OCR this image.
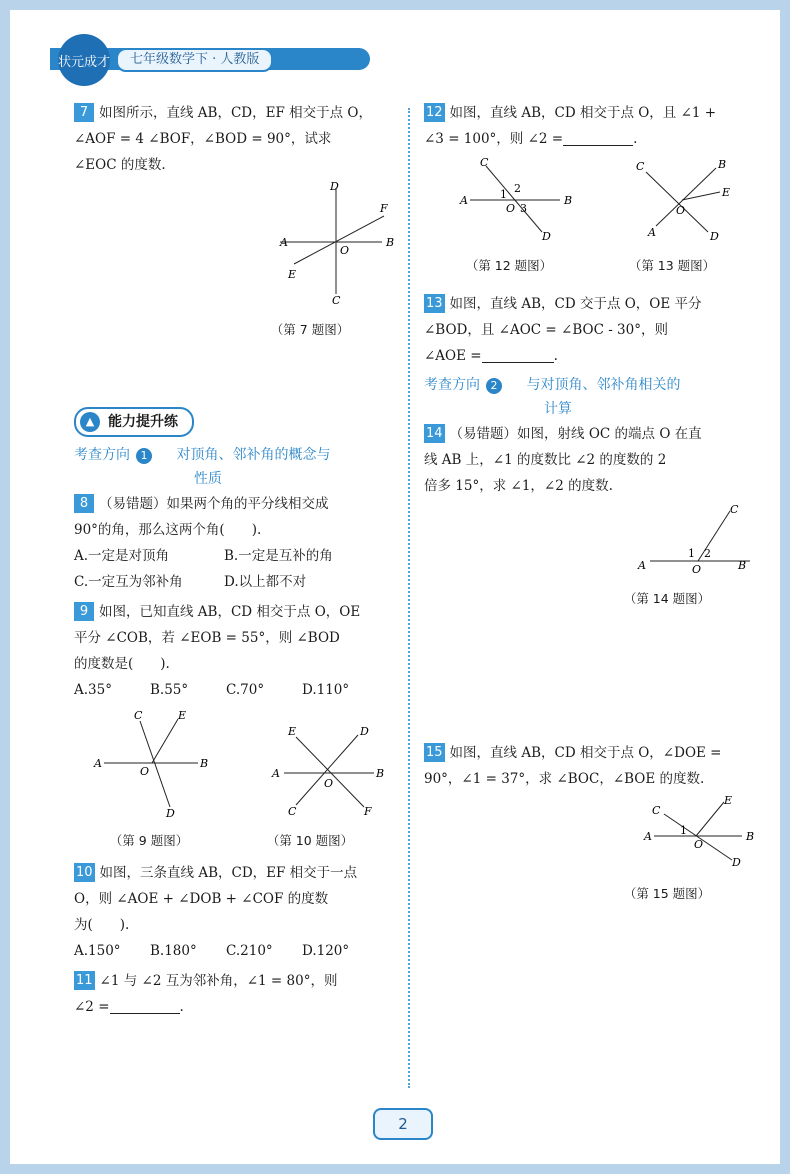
状元成才	七年级数学下 · 人教版
7 如图所示，直线 AB，CD，EF 相交于点 O，
∠AOF = 4 ∠BOF，∠BOD = 90°，试求
∠EOC 的度数.
A	B
D
C
F
E
O
（第 7 题图）
▲ 能力提升练
考查方向 1 对顶角、邻补角的概念与
性质
8 （易错题）如果两个角的平分线相交成
90°的角，那么这两个角(　　).
A.一定是对顶角	B.一定是互补的角
C.一定互为邻补角	D.以上都不对
9 如图，已知直线 AB，CD 相交于点 O，OE
平分 ∠COB，若 ∠EOB = 55°，则 ∠BOD
的度数是(　　).
A.35°	B.55°	C.70°	D.110°
A	B
C	E
D
O	A	B
E	D
C	F
O
（第 9 题图）	（第 10 题图）
10 如图，三条直线 AB，CD，EF 相交于一点
O，则 ∠AOE + ∠DOB + ∠COF 的度数
为(　　).
A.150°	B.180°	C.210°	D.120°
11 ∠1 与 ∠2 互为邻补角，∠1 = 80°，则
∠2 =	.
12 如图，直线 AB，CD 相交于点 O，且 ∠1 +
∠3 = 100°，则 ∠2 =	.
A	B
C
D
O
1 2
3
C	B
E
D
A
O
（第 12 题图）	（第 13 题图）
13 如图，直线 AB，CD 交于点 O，OE 平分
∠BOD，且 ∠AOC = ∠BOC - 30°，则
∠AOE =	.
考查方向 2 与对顶角、邻补角相关的
计算
14 （易错题）如图，射线 OC 的端点 O 在直
线 AB 上，∠1 的度数比 ∠2 的度数的 2
倍多 15°，求 ∠1，∠2 的度数.
A	B
C
O
1 2
（第 14 题图）
15 如图，直线 AB，CD 相交于点 O，∠DOE =
90°，∠1 = 37°，求 ∠BOC，∠BOE 的度数.
A	B
C
E
D
O
1
（第 15 题图）
2
